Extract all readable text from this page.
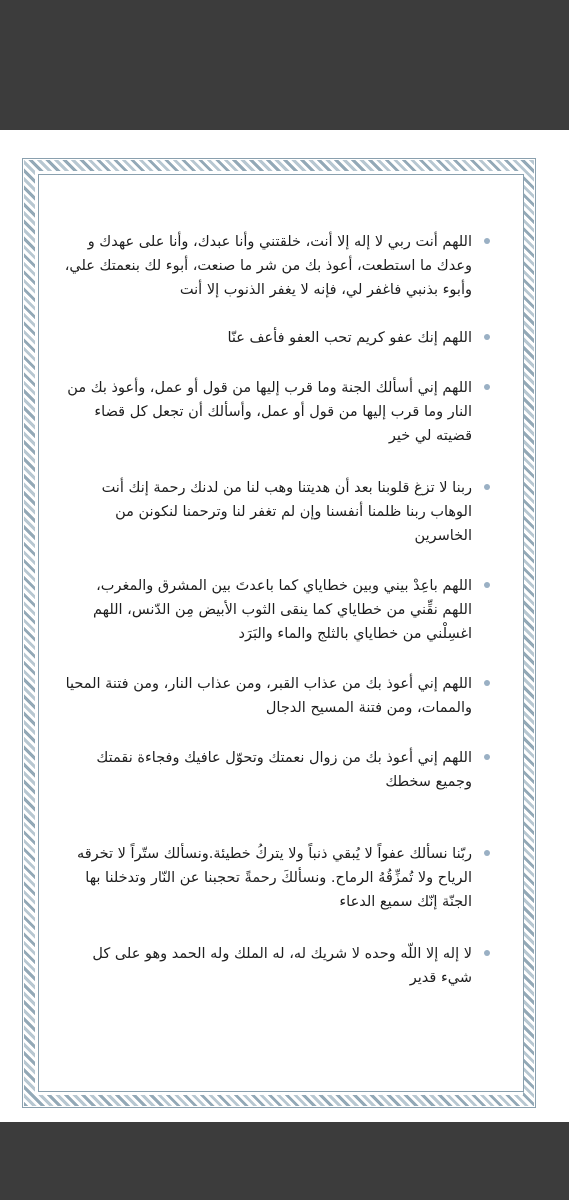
اللهم أنت ربي لا إله إلا أنت، خلقتني وأنا عبدك، وأنا على عهدك و وعدك ما استطعت، أعوذ بك من شر ما صنعت، أبوء لك بنعمتك علي، وأبوء بذنبي فاغفر لي، فإنه لا يغفر الذنوب إلا أنت

اللهم إنك عفو كريم تحب العفو فأعف عنّا

اللهم إني أسألك الجنة وما قرب إليها من قول أو عمل، وأعوذ بك من النار وما قرب إليها من قول أو عمل، وأسألك أن تجعل كل قضاء قضيته لي خير

ربنا لا تزغ قلوبنا بعد أن هديتنا وهب لنا من لدنك رحمة إنك أنت الوهاب ربنا ظلمنا أنفسنا وإن لم تغفر لنا وترحمنا لنكونن من الخاسرين

اللهم باعِدْ بيني وبين خطاياي كما باعدتَ بين المشرق والمغرب، اللهم نقِّني من خطاياي كما ينقى الثوب الأبيض مِن الدّنس، اللهم اغسِلْني من خطاياي بالثلج والماء والبَرَد

اللهم إني أعوذ بك من عذاب القبر، ومن عذاب النار، ومن فتنة المحيا والممات، ومن فتنة المسيح الدجال

اللهم إني أعوذ بك من زوال نعمتك وتحوّل عافيك وفجاءة نقمتك وجميع سخطك

ربّنا نسألك عفواً لا يُبقي ذنباً ولا يتركُ خطيئة.ونسألك ستّراً لا تخرقه الرياح ولا تُمزِّقُهُ الرماح. ونسألكَ رحمةً تحجبنا عن النّار وتدخلنا بها الجنّة إنّك سميع الدعاء

لا إله إلا اللّه وحده لا شريك له، له الملك وله الحمد وهو على كل شيء قدير
